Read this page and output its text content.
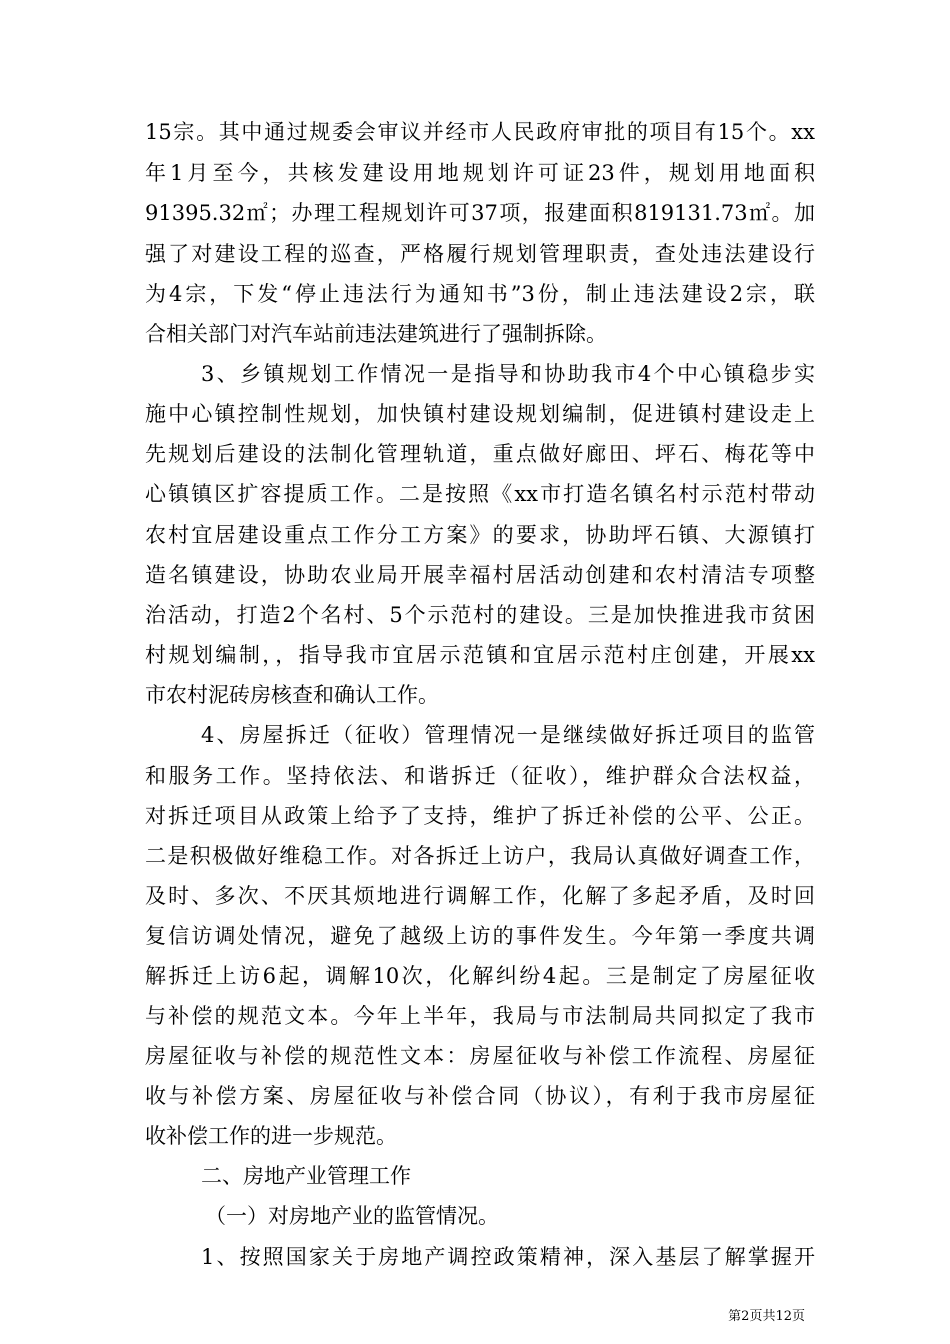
15宗。其中通过规委会审议并经市人民政府审批的项目有15个。xx
年1月至今，共核发建设用地规划许可证23件，规划用地面积
91395.32㎡；办理工程规划许可37项，报建面积819131.73㎡。加
强了对建设工程的巡查，严格履行规划管理职责，查处违法建设行
为4宗，下发“停止违法行为通知书”3份，制止违法建设2宗，联
合相关部门对汽车站前违法建筑进行了强制拆除。
3、乡镇规划工作情况一是指导和协助我市4个中心镇稳步实
施中心镇控制性规划，加快镇村建设规划编制，促进镇村建设走上
先规划后建设的法制化管理轨道，重点做好廊田、坪石、梅花等中
心镇镇区扩容提质工作。二是按照《xx市打造名镇名村示范村带动
农村宜居建设重点工作分工方案》的要求，协助坪石镇、大源镇打
造名镇建设，协助农业局开展幸福村居活动创建和农村清洁专项整
治活动，打造2个名村、5个示范村的建设。三是加快推进我市贫困
村规划编制，，指导我市宜居示范镇和宜居示范村庄创建，开展xx
市农村泥砖房核查和确认工作。
4、房屋拆迁（征收）管理情况一是继续做好拆迁项目的监管
和服务工作。坚持依法、和谐拆迁（征收），维护群众合法权益，
对拆迁项目从政策上给予了支持，维护了拆迁补偿的公平、公正。
二是积极做好维稳工作。对各拆迁上访户，我局认真做好调查工作，
及时、多次、不厌其烦地进行调解工作，化解了多起矛盾，及时回
复信访调处情况，避免了越级上访的事件发生。今年第一季度共调
解拆迁上访6起，调解10次，化解纠纷4起。三是制定了房屋征收
与补偿的规范文本。今年上半年，我局与市法制局共同拟定了我市
房屋征收与补偿的规范性文本：房屋征收与补偿工作流程、房屋征
收与补偿方案、房屋征收与补偿合同（协议），有利于我市房屋征
收补偿工作的进一步规范。
二、房地产业管理工作
（一）对房地产业的监管情况。
1、按照国家关于房地产调控政策精神，深入基层了解掌握开
第2页共12页
